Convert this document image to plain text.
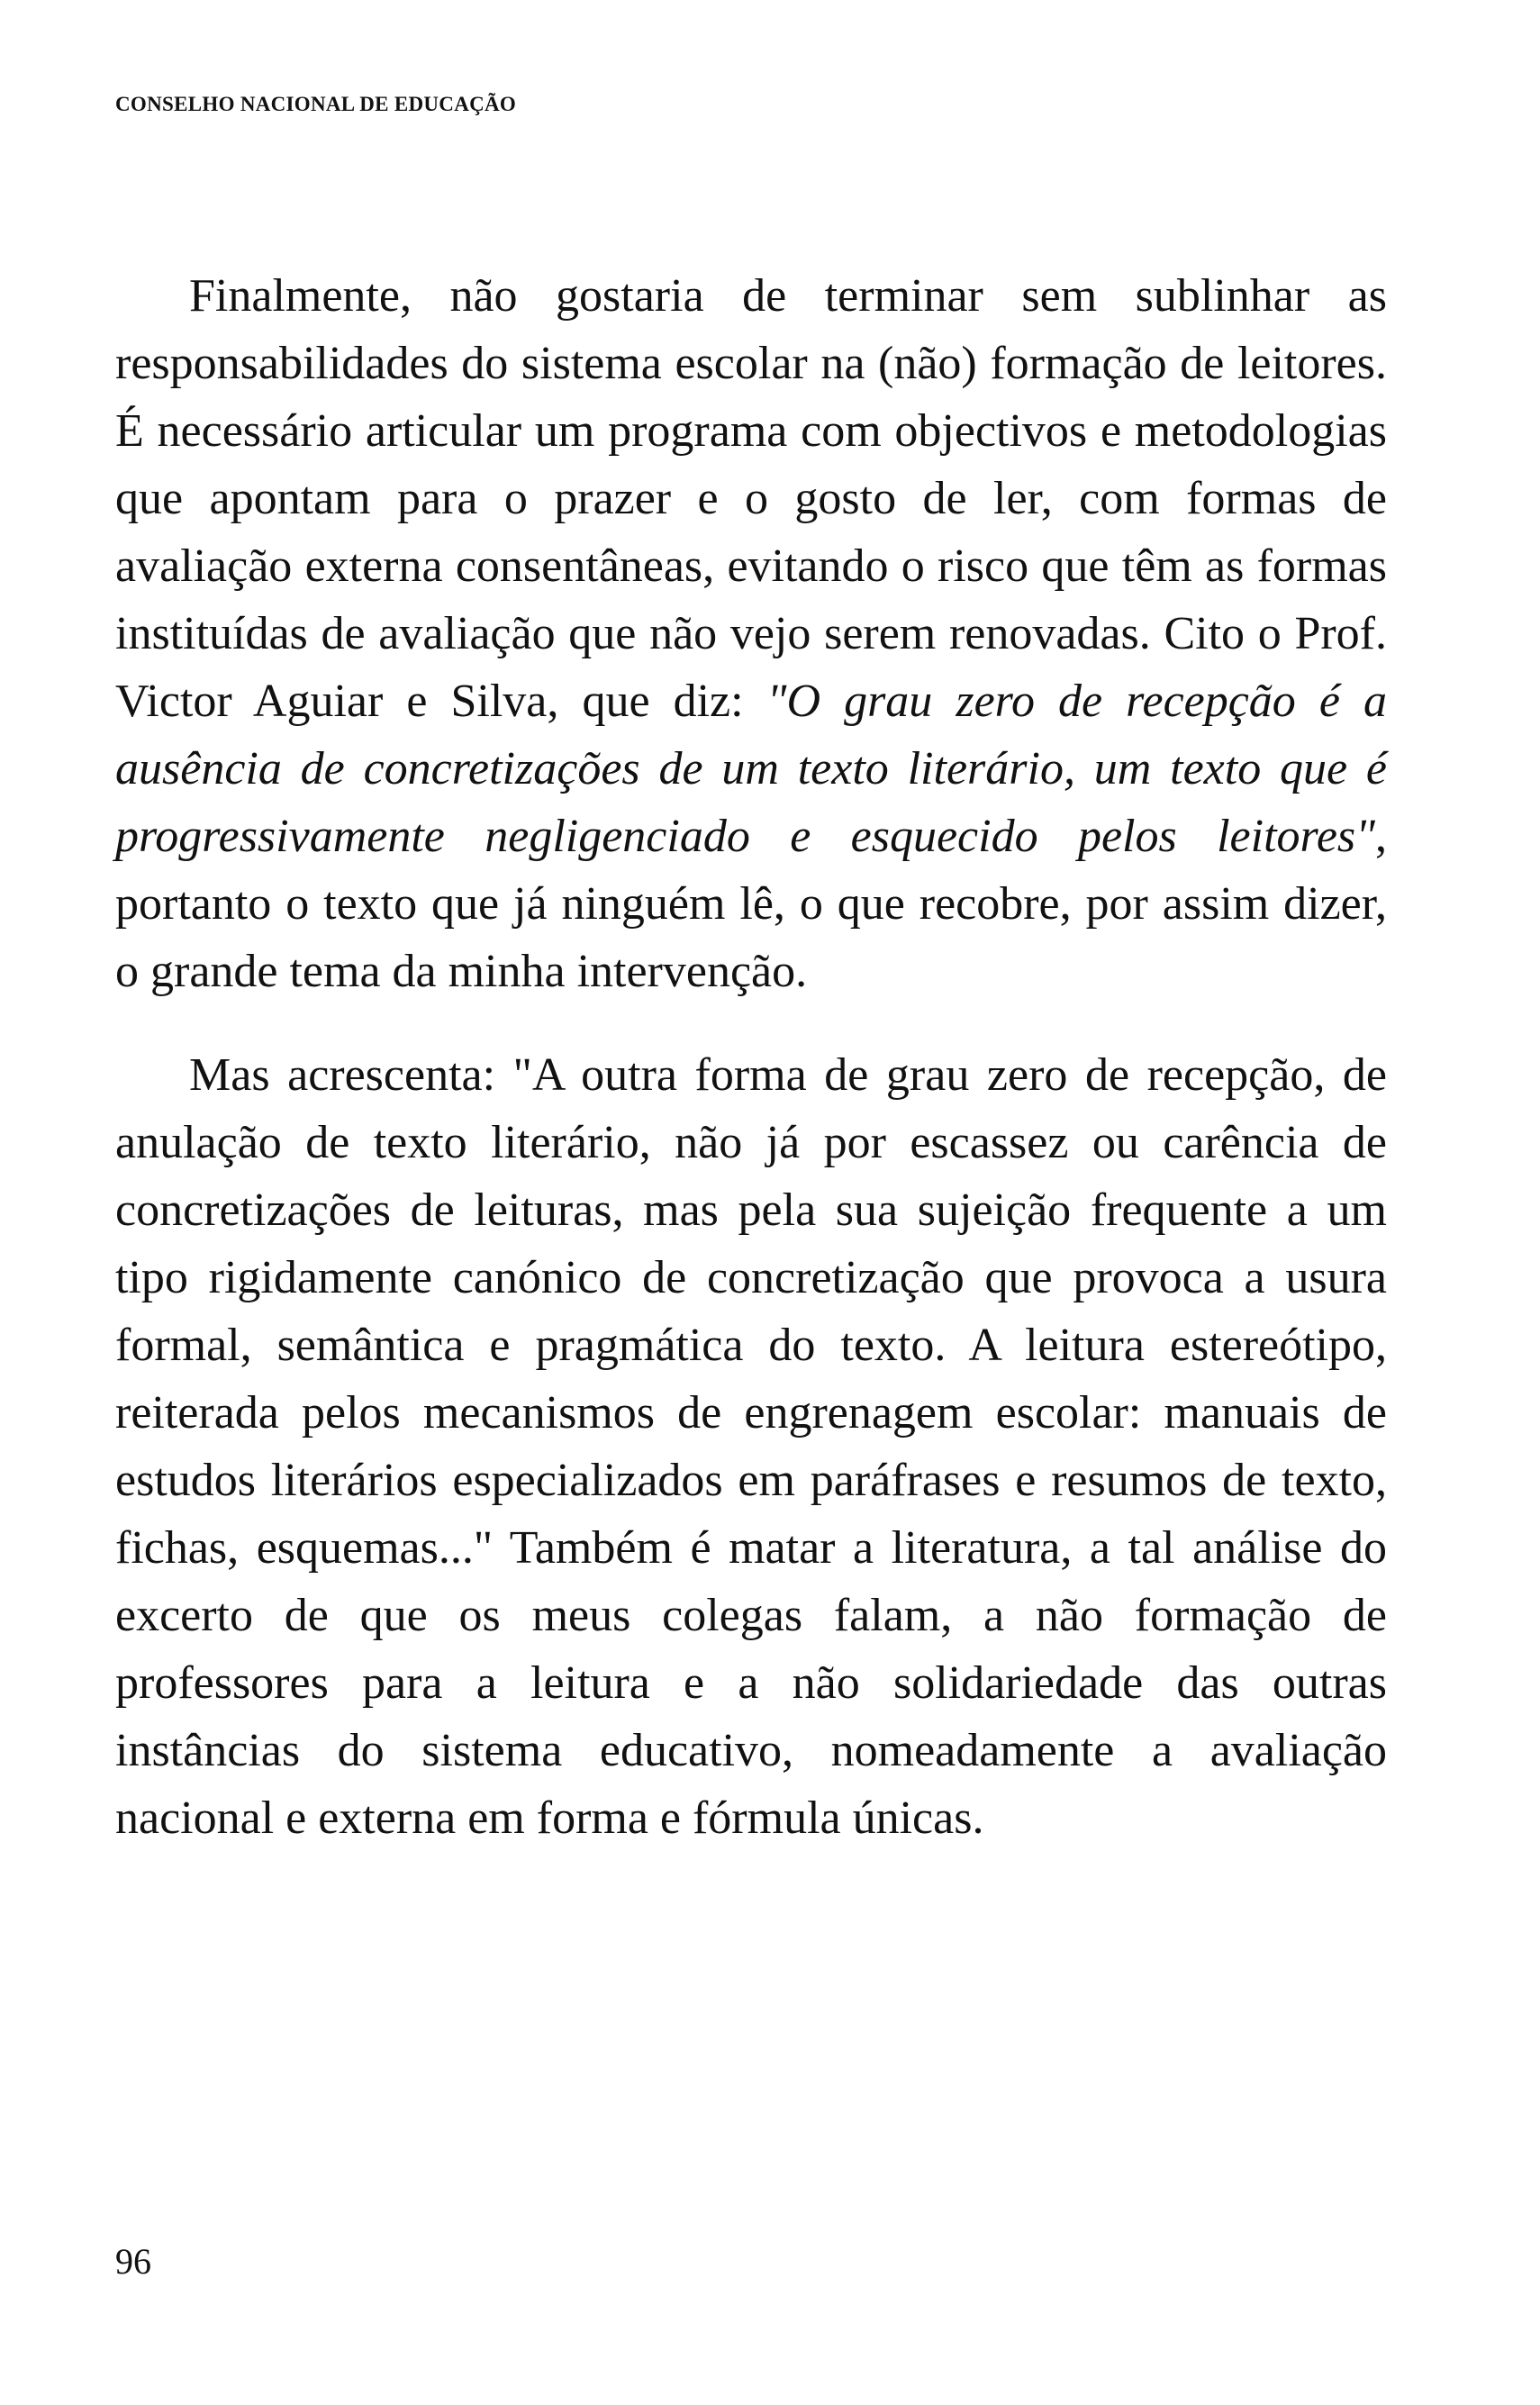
CONSELHO NACIONAL DE EDUCAÇÃO

Finalmente, não gostaria de terminar sem sublinhar as responsabilidades do sistema escolar na (não) formação de leitores. É necessário articular um programa com objectivos e metodologias que apontam para o prazer e o gosto de ler, com formas de avaliação externa consentâneas, evitando o risco que têm as formas instituídas de avaliação que não vejo serem renovadas. Cito o Prof. Victor Aguiar e Silva, que diz: "O grau zero de recepção é a ausência de concretizações de um texto literário, um texto que é progressivamente negligenciado e esquecido pelos leitores", portanto o texto que já ninguém lê, o que recobre, por assim dizer, o grande tema da minha intervenção.

Mas acrescenta: "A outra forma de grau zero de recepção, de anulação de texto literário, não já por escassez ou carência de concretizações de leituras, mas pela sua sujeição frequente a um tipo rigidamente canónico de concretização que provoca a usura formal, semântica e pragmática do texto. A leitura estereótipo, reiterada pelos mecanismos de engrenagem escolar: manuais de estudos literários especializados em paráfrases e resumos de texto, fichas, esquemas..." Também é matar a literatura, a tal análise do excerto de que os meus colegas falam, a não formação de professores para a leitura e a não solidariedade das outras instâncias do sistema educativo, nomeadamente a avaliação nacional e externa em forma e fórmula únicas.

96
